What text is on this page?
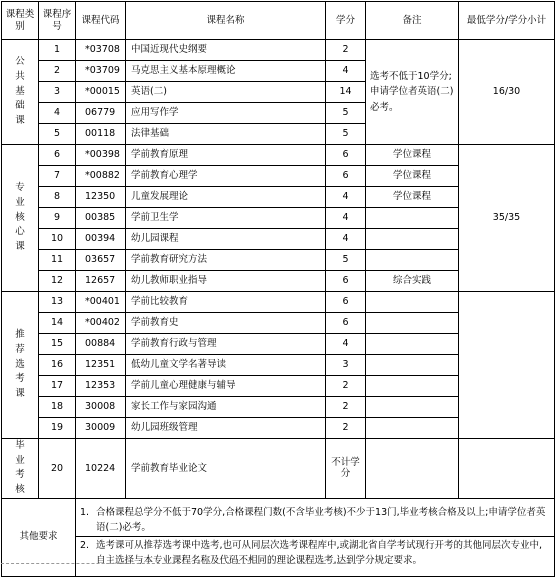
课程类别	课程序号	课程代码	课程名称	学分	备注	最低学分/学分小计
公
共
基
础
课	1	*03708	中国近现代史纲要	2	选考不低于10学分;申请学位者英语(二)必考。	16/30
	2	*03709	马克思主义基本原理概论	4		
	3	*00015	英语(二)	14		
	4	06779	应用写作学	5		
	5	00118	法律基础	5		
专
业
核
心
课	6	*00398	学前教育原理	6	学位课程	35/35
	7	*00882	学前教育心理学	6	学位课程	
	8	12350	儿童发展理论	4	学位课程	
	9	00385	学前卫生学	4		
	10	00394	幼儿园课程	4		
	11	03657	学前教育研究方法	5		
	12	12657	幼儿教师职业指导	6	综合实践	
推
荐
选
考
课	13	*00401	学前比较教育	6		
	14	*00402	学前教育史	6		
	15	00884	学前教育行政与管理	4		
	16	12351	低幼儿童文学名著导读	3		
	17	12353	学前儿童心理健康与辅导	2		
	18	30008	家长工作与家园沟通	2		
	19	30009	幼儿园班级管理	2		
毕
业
考
核	20	10224	学前教育毕业论文	不计学分		
其他要求		1. 合格课程总学分不低于70学分,合格课程门数(不含毕业考核)不少于13门,毕业考核合格及以上;申请学位者英语(二)必考。
2. 选考课可从推荐选考课中选考,也可从同层次选考课程库中,或湖北省自学考试现行开考的其他同层次专业中,自主选择与本专业课程名称及代码不相同的理论课程选考,达到学分规定要求。				
